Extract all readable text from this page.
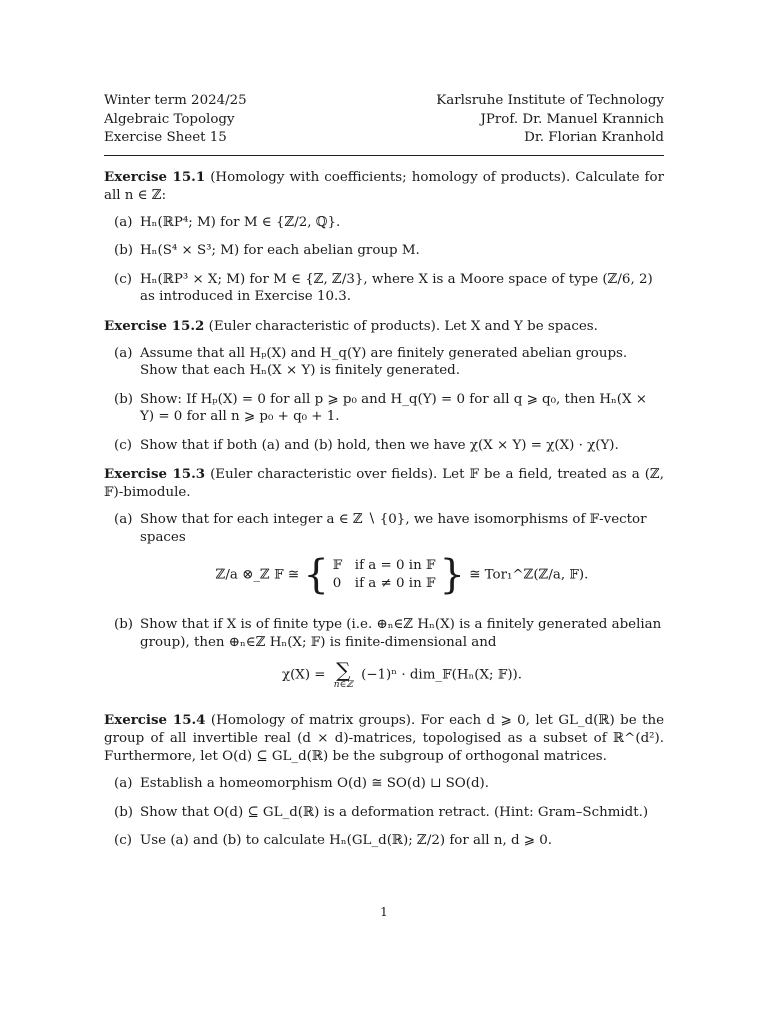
Winter term 2024/25
Algebraic Topology
Exercise Sheet 15
Karlsruhe Institute of Technology
JProf. Dr. Manuel Krannich
Dr. Florian Kranhold
Exercise 15.1 (Homology with coefficients; homology of products). Calculate for all n ∈ ℤ:
(a) Hₙ(ℝP⁴; M) for M ∈ {ℤ/2, ℚ}.
(b) Hₙ(S⁴ × S³; M) for each abelian group M.
(c) Hₙ(ℝP³ × X; M) for M ∈ {ℤ, ℤ/3}, where X is a Moore space of type (ℤ/6, 2) as introduced in Exercise 10.3.
Exercise 15.2 (Euler characteristic of products). Let X and Y be spaces.
(a) Assume that all Hₚ(X) and H_q(Y) are finitely generated abelian groups. Show that each Hₙ(X × Y) is finitely generated.
(b) Show: If Hₚ(X) = 0 for all p ⩾ p₀ and H_q(Y) = 0 for all q ⩾ q₀, then Hₙ(X × Y) = 0 for all n ⩾ p₀ + q₀ + 1.
(c) Show that if both (a) and (b) hold, then we have χ(X × Y) = χ(X) · χ(Y).
Exercise 15.3 (Euler characteristic over fields). Let 𝔽 be a field, treated as a (ℤ, 𝔽)-bimodule.
(a) Show that for each integer a ∈ ℤ ∖ {0}, we have isomorphisms of 𝔽-vector spaces
ℤ/a ⊗_ℤ 𝔽 ≅ { 𝔽 if a = 0 in 𝔽
0 if a ≠ 0 in 𝔽 } ≅ Tor₁^ℤ(ℤ/a, 𝔽).
(b) Show that if X is of finite type (i.e. ⊕ₙ∈ℤ Hₙ(X) is a finitely generated abelian group), then ⊕ₙ∈ℤ Hₙ(X; 𝔽) is finite-dimensional and
χ(X) = ∑
n∈ℤ
(−1)ⁿ · dim_𝔽(Hₙ(X; 𝔽)).
Exercise 15.4 (Homology of matrix groups). For each d ⩾ 0, let GL_d(ℝ) be the group of all invertible real (d × d)-matrices, topologised as a subset of ℝ^(d²). Furthermore, let O(d) ⊆ GL_d(ℝ) be the subgroup of orthogonal matrices.
(a) Establish a homeomorphism O(d) ≅ SO(d) ⊔ SO(d).
(b) Show that O(d) ⊆ GL_d(ℝ) is a deformation retract. (Hint: Gram–Schmidt.)
(c) Use (a) and (b) to calculate Hₙ(GL_d(ℝ); ℤ/2) for all n, d ⩾ 0.
1
